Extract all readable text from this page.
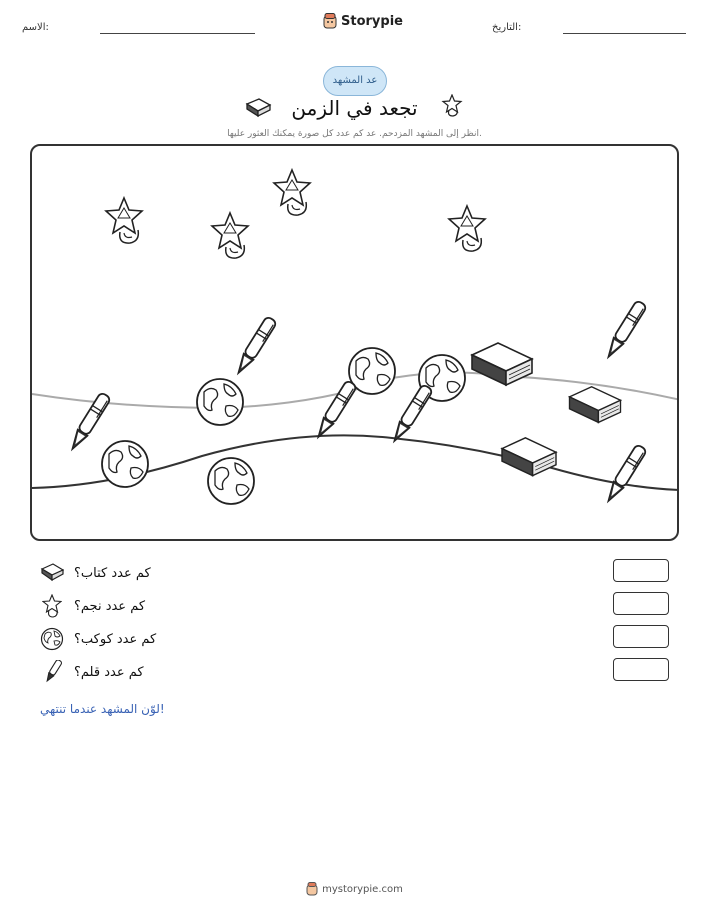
الاسم:	Storypie	التاريخ:
عد المشهد
تجعد في الزمن
انظر إلى المشهد المزدحم. عد كم عدد كل صورة يمكنك العثور عليها.
كم عدد كتاب؟
كم عدد نجم؟
كم عدد كوكب؟
كم عدد قلم؟
لوّن المشهد عندما تنتهي!
mystorypie.com
